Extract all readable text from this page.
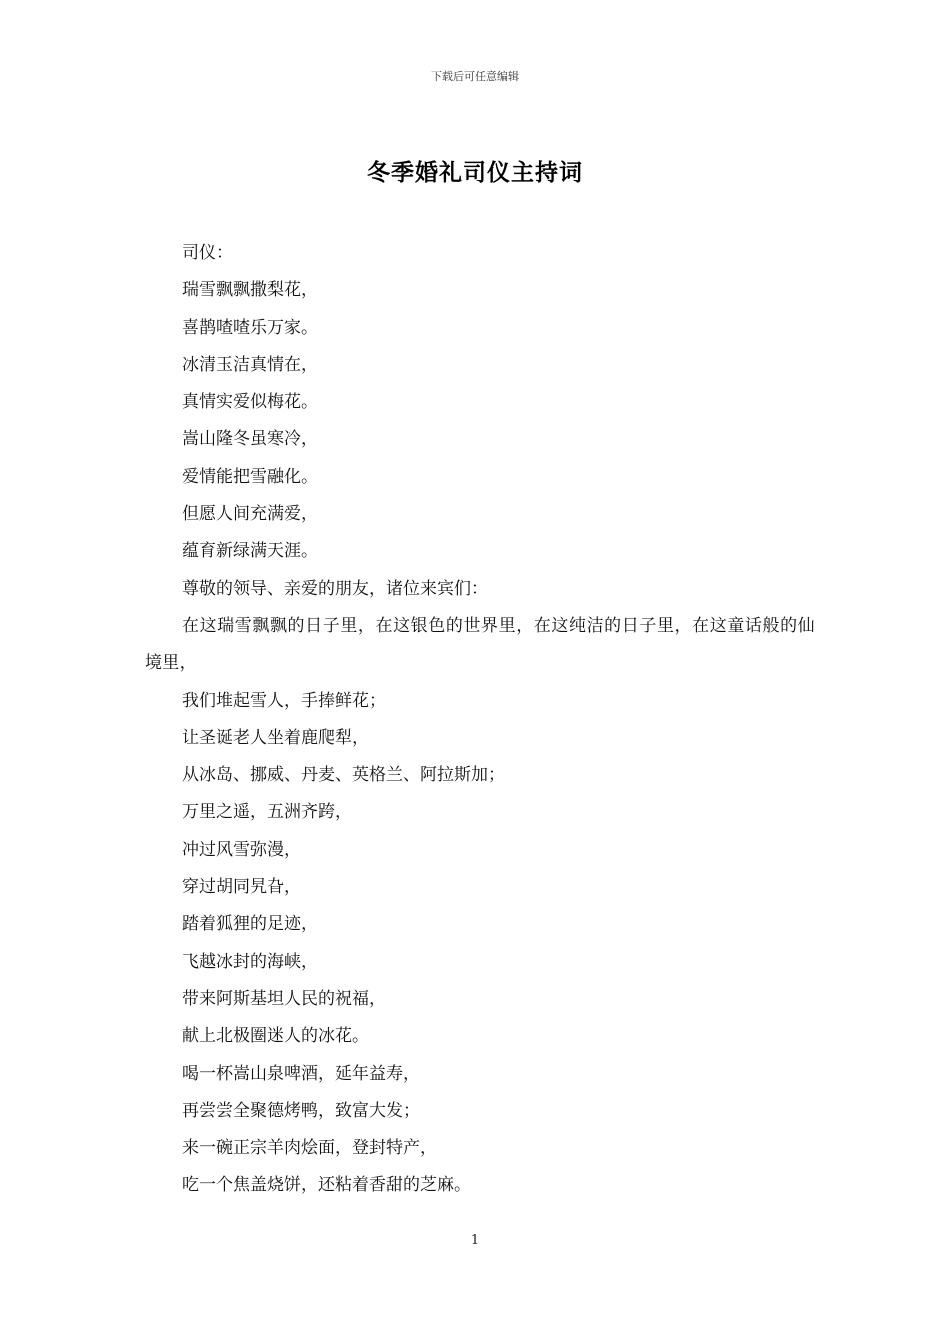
下载后可任意编辑
冬季婚礼司仪主持词
司仪：
瑞雪飘飘撒梨花，
喜鹊喳喳乐万家。
冰清玉洁真情在，
真情实爱似梅花。
嵩山隆冬虽寒冷，
爱情能把雪融化。
但愿人间充满爱，
蕴育新绿满天涯。
尊敬的领导、亲爱的朋友，诸位来宾们：
在这瑞雪飘飘的日子里，在这银色的世界里，在这纯洁的日子里，在这童话般的仙境里，
我们堆起雪人，手捧鲜花；
让圣诞老人坐着鹿爬犁，
从冰岛、挪威、丹麦、英格兰、阿拉斯加；
万里之遥，五洲齐跨，
冲过风雪弥漫，
穿过胡同旯旮，
踏着狐狸的足迹，
飞越冰封的海峡，
带来阿斯基坦人民的祝福，
献上北极圈迷人的冰花。
喝一杯嵩山泉啤酒，延年益寿，
再尝尝全聚德烤鸭，致富大发；
来一碗正宗羊肉烩面，登封特产，
吃一个焦盖烧饼，还粘着香甜的芝麻。
1
